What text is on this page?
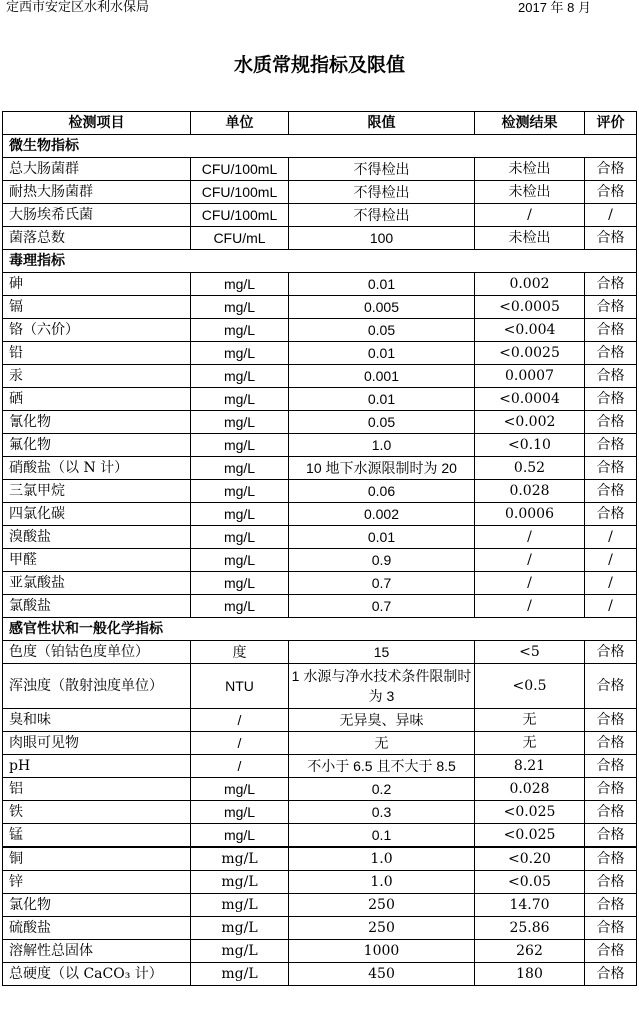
定西市安定区水利水保局	2017 年 8 月
水质常规指标及限值
检测项目	单位	限值	检测结果	评价
微生物指标				
总大肠菌群	CFU/100mL	不得检出	未检出	合格
耐热大肠菌群	CFU/100mL	不得检出	未检出	合格
大肠埃希氏菌	CFU/100mL	不得检出	/	/
菌落总数	CFU/mL	100	未检出	合格
毒理指标				
砷	mg/L	0.01	0.002	合格
镉	mg/L	0.005	<0.0005	合格
铬（六价）	mg/L	0.05	<0.004	合格
铅	mg/L	0.01	<0.0025	合格
汞	mg/L	0.001	0.0007	合格
硒	mg/L	0.01	<0.0004	合格
氰化物	mg/L	0.05	<0.002	合格
氟化物	mg/L	1.0	<0.10	合格
硝酸盐（以 N 计）	mg/L	10 地下水源限制时为 20	0.52	合格
三氯甲烷	mg/L	0.06	0.028	合格
四氯化碳	mg/L	0.002	0.0006	合格
溴酸盐	mg/L	0.01	/	/
甲醛	mg/L	0.9	/	/
亚氯酸盐	mg/L	0.7	/	/
氯酸盐	mg/L	0.7	/	/
感官性状和一般化学指标				
色度（铂钴色度单位）	度	15	<5	合格
浑浊度（散射浊度单位）	NTU	1 水源与净水技术条件限制时为 3	<0.5	合格
臭和味	/	无异臭、异味	无	合格
肉眼可见物	/	无	无	合格
pH	/	不小于 6.5 且不大于 8.5	8.21	合格
铝	mg/L	0.2	0.028	合格
铁	mg/L	0.3	<0.025	合格
锰	mg/L	0.1	<0.025	合格
铜	mg/L	1.0	<0.20	合格
锌	mg/L	1.0	<0.05	合格
氯化物	mg/L	250	14.70	合格
硫酸盐	mg/L	250	25.86	合格
溶解性总固体	mg/L	1000	262	合格
总硬度（以 CaCO₃ 计）	mg/L	450	180	合格
